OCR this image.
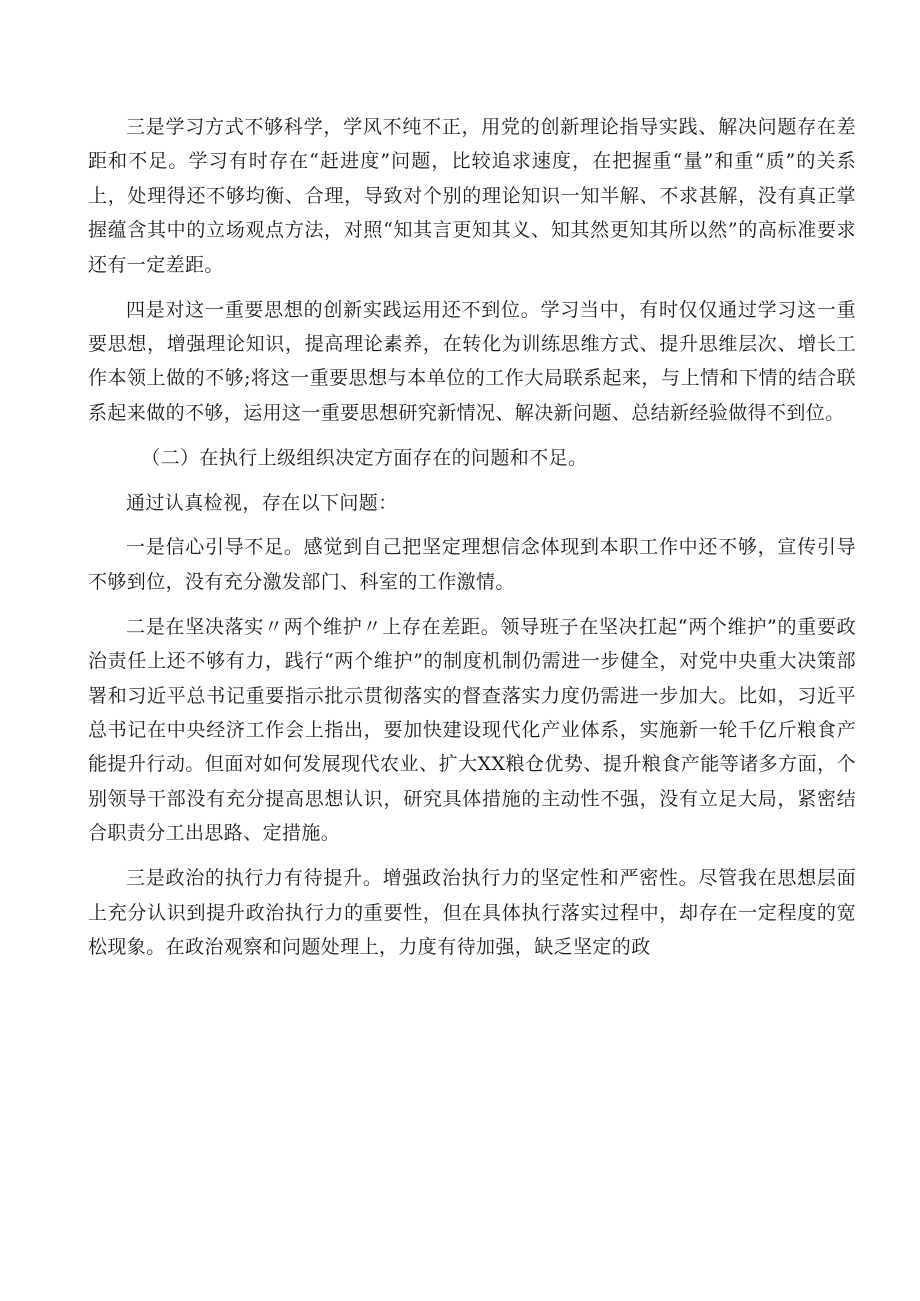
三是学习方式不够科学，学风不纯不正，用党的创新理论指导实践、解决问题存在差距和不足。学习有时存在“赶进度”问题，比较追求速度，在把握重“量”和重“质”的关系上，处理得还不够均衡、合理，导致对个别的理论知识一知半解、不求甚解，没有真正掌握蕴含其中的立场观点方法，对照“知其言更知其义、知其然更知其所以然”的高标准要求还有一定差距。

四是对这一重要思想的创新实践运用还不到位。学习当中，有时仅仅通过学习这一重要思想，增强理论知识，提高理论素养，在转化为训练思维方式、提升思维层次、增长工作本领上做的不够;将这一重要思想与本单位的工作大局联系起来，与上情和下情的结合联系起来做的不够，运用这一重要思想研究新情况、解决新问题、总结新经验做得不到位。

（二）在执行上级组织决定方面存在的问题和不足。

通过认真检视，存在以下问题：

一是信心引导不足。感觉到自己把坚定理想信念体现到本职工作中还不够，宣传引导不够到位，没有充分激发部门、科室的工作激情。

二是在坚决落实〃两个维护〃上存在差距。领导班子在坚决扛起“两个维护”的重要政治责任上还不够有力，践行“两个维护”的制度机制仍需进一步健全，对党中央重大决策部署和习近平总书记重要指示批示贯彻落实的督查落实力度仍需进一步加大。比如，习近平总书记在中央经济工作会上指出，要加快建设现代化产业体系，实施新一轮千亿斤粮食产能提升行动。但面对如何发展现代农业、扩大XX粮仓优势、提升粮食产能等诸多方面，个别领导干部没有充分提高思想认识，研究具体措施的主动性不强，没有立足大局，紧密结合职责分工出思路、定措施。

三是政治的执行力有待提升。增强政治执行力的坚定性和严密性。尽管我在思想层面上充分认识到提升政治执行力的重要性，但在具体执行落实过程中，却存在一定程度的宽松现象。在政治观察和问题处理上，力度有待加强，缺乏坚定的政
